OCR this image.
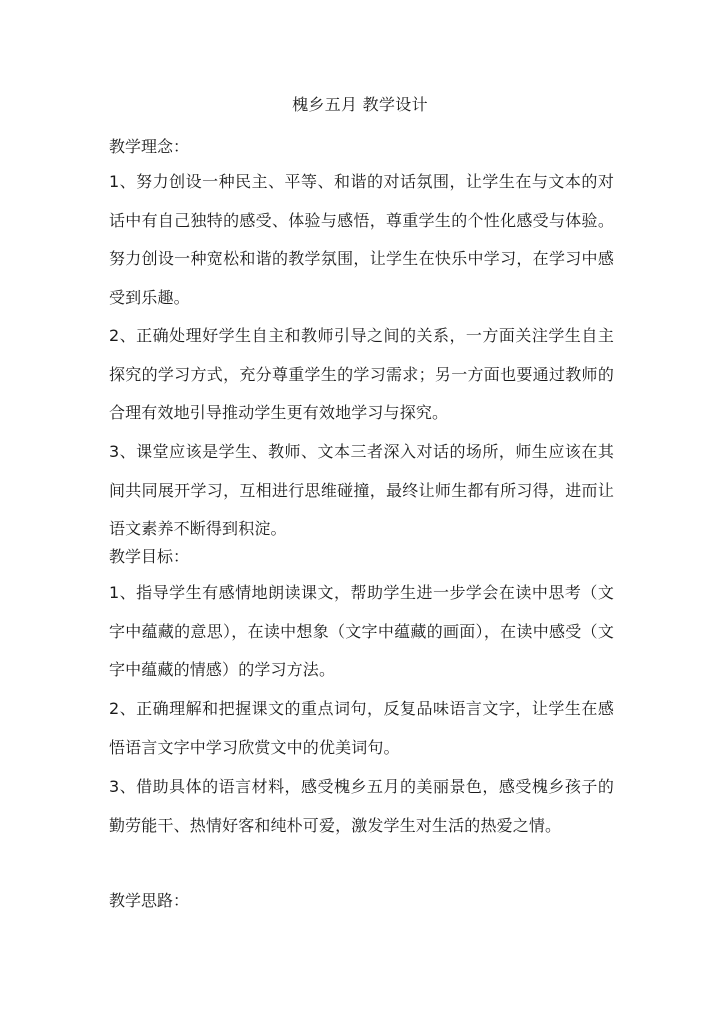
槐乡五月 教学设计
教学理念：
1、努力创设一种民主、平等、和谐的对话氛围，让学生在与文本的对话中有自己独特的感受、体验与感悟，尊重学生的个性化感受与体验。努力创设一种宽松和谐的教学氛围，让学生在快乐中学习，在学习中感受到乐趣。
2、正确处理好学生自主和教师引导之间的关系，一方面关注学生自主探究的学习方式，充分尊重学生的学习需求；另一方面也要通过教师的合理有效地引导推动学生更有效地学习与探究。
3、课堂应该是学生、教师、文本三者深入对话的场所，师生应该在其间共同展开学习，互相进行思维碰撞，最终让师生都有所习得，进而让语文素养不断得到积淀。
教学目标：
1、指导学生有感情地朗读课文，帮助学生进一步学会在读中思考（文字中蕴藏的意思），在读中想象（文字中蕴藏的画面），在读中感受（文字中蕴藏的情感）的学习方法。
2、正确理解和把握课文的重点词句，反复品味语言文字，让学生在感悟语言文字中学习欣赏文中的优美词句。
3、借助具体的语言材料，感受槐乡五月的美丽景色，感受槐乡孩子的勤劳能干、热情好客和纯朴可爱，激发学生对生活的热爱之情。
教学思路：
